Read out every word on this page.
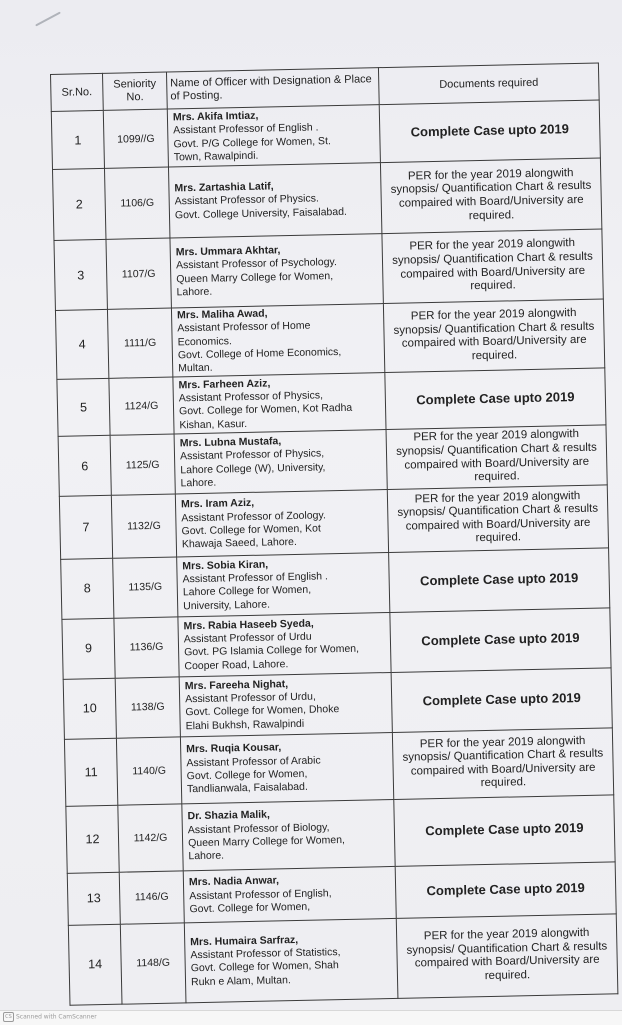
Sr.No.	Seniority No.	Name of Officer with Designation & Place of Posting.	Documents required
1	1099//G	Mrs. Akifa Imtiaz,
Assistant Professor of English .
Govt. P/G College for Women, St.
Town, Rawalpindi.	Complete Case upto 2019
2	1106/G	Mrs. Zartashia Latif,
Assistant Professor of Physics.
Govt. College University, Faisalabad.	PER for the year 2019 alongwith synopsis/ Quantification Chart & results compaired with Board/University are required.
3	1107/G	Mrs. Ummara Akhtar,
Assistant Professor of Psychology.
Queen Marry College for Women,
Lahore.	PER for the year 2019 alongwith synopsis/ Quantification Chart & results compaired with Board/University are required.
4	1111/G	Mrs. Maliha Awad,
Assistant Professor of Home
Economics.
Govt. College of Home Economics,
Multan.	PER for the year 2019 alongwith synopsis/ Quantification Chart & results compaired with Board/University are required.
5	1124/G	Mrs. Farheen Aziz,
Assistant Professor of Physics,
Govt. College for Women, Kot Radha
Kishan, Kasur.	Complete Case upto 2019
6	1125/G	Mrs. Lubna Mustafa,
Assistant Professor of Physics,
Lahore College (W), University,
Lahore.	PER for the year 2019 alongwith synopsis/ Quantification Chart & results compaired with Board/University are required.
7	1132/G	Mrs. Iram Aziz,
Assistant Professor of Zoology.
Govt. College for Women, Kot
Khawaja Saeed, Lahore.	PER for the year 2019 alongwith synopsis/ Quantification Chart & results compaired with Board/University are required.
8	1135/G	Mrs. Sobia Kiran,
Assistant Professor of English .
Lahore College for Women,
University, Lahore.	Complete Case upto 2019
9	1136/G	Mrs. Rabia Haseeb Syeda,
Assistant Professor of Urdu
Govt. PG Islamia College for Women,
Cooper Road, Lahore.	Complete Case upto 2019
10	1138/G	Mrs. Fareeha Nighat,
Assistant Professor of Urdu,
Govt. College for Women, Dhoke
Elahi Bukhsh, Rawalpindi	Complete Case upto 2019
11	1140/G	Mrs. Ruqia Kousar,
Assistant Professor of Arabic
Govt. College for Women,
Tandlianwala, Faisalabad.	PER for the year 2019 alongwith synopsis/ Quantification Chart & results compaired with Board/University are required.
12	1142/G	Dr. Shazia Malik,
Assistant Professor of Biology,
Queen Marry College for Women,
Lahore.	Complete Case upto 2019
13	1146/G	Mrs. Nadia Anwar,
Assistant Professor of English,
Govt. College for Women,	Complete Case upto 2019
14	1148/G	Mrs. Humaira Sarfraz,
Assistant Professor of Statistics,
Govt. College for Women, Shah
Rukn e Alam, Multan.	PER for the year 2019 alongwith synopsis/ Quantification Chart & results compaired with Board/University are required.
CS Scanned with CamScanner
